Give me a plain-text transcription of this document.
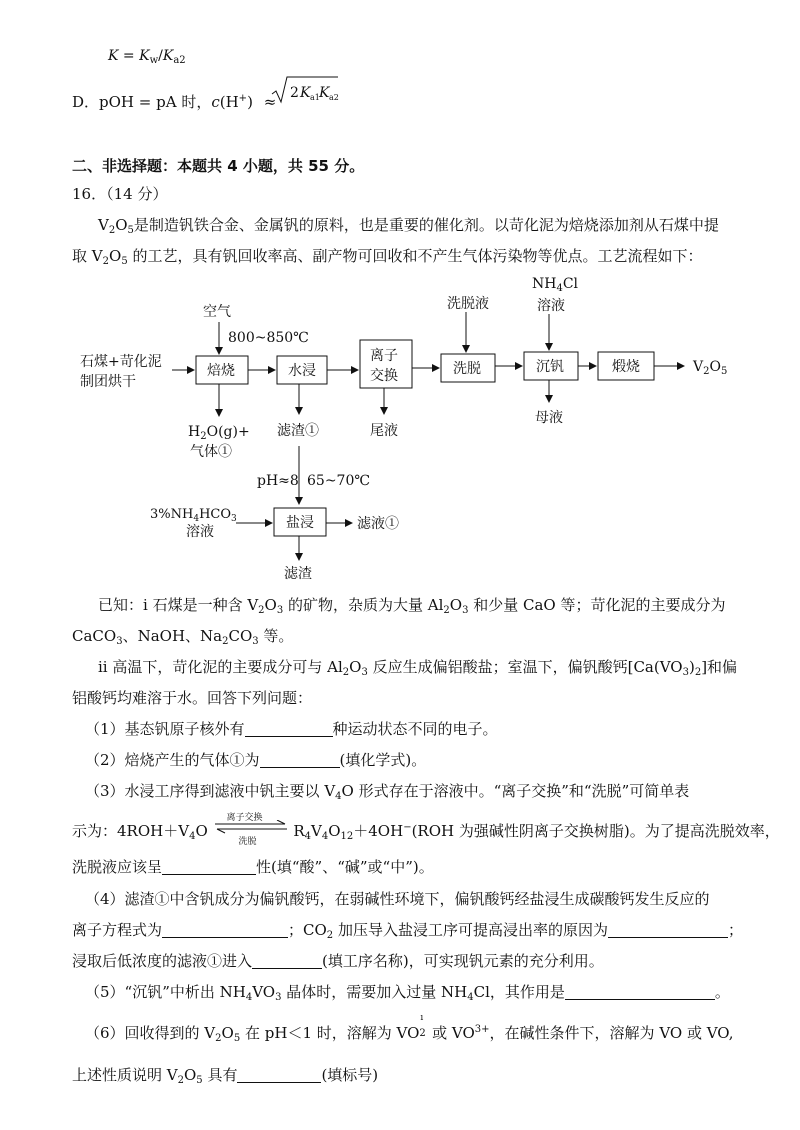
$K = K_w/K_{a2}$
D．pOH = pA 时，c(H+) ≈ 2 K a1 K a2
二、非选择题：本题共 4 小题，共 55 分。
16．（14 分）
$V_2O_5$是制造钒铁合金、金属钒的原料，也是重要的催化剂。以苛化泥为焙烧添加剂从石煤中提
取 $V_2O_5$ 的工艺，具有钒回收率高、副产物可回收和不产生气体污染物等优点。工艺流程如下：
空气
800~850℃
洗脱液
$NH_4Cl$
溶液
石煤+苛化泥
制团烘干
焙烧	水浸
离子
交换	洗脱	沉钒	煅烧	$V_2O_5$
$H_2O(g)+$
气体①
滤渣①	尾液
母液
pH≈8 65~70℃
$3\%NH_4HCO_3$
溶液
盐浸	滤液①
滤渣
已知：i 石煤是一种含 $V_2O_3$ 的矿物，杂质为大量 $Al_2O_3$ 和少量 CaO 等；苛化泥的主要成分为
CaCO$_3$、NaOH、$Na_2CO_3$ 等。
ii 高温下，苛化泥的主要成分可与 $Al_2O_3$ 反应生成偏铝酸盐；室温下，偏钒酸钙$[Ca(VO_3)_2]$和偏
铝酸钙均难溶于水。回答下列问题：
（1）基态钒原子核外有	种运动状态不同的电子。
（2）焙烧产生的气体①为	(填化学式)。
（3）水浸工序得到滤液中钒主要以 $V_4O$ 形式存在于溶液中。“离子交换”和“洗脱”可简单表
示为：$4ROH+V_4O$
离子交换
洗脱
$R_4V_4O_{12}+4OH^-(ROH$ 为强碱性阴离子交换树脂)。为了提高洗脱效率，
洗脱液应该呈	性(填“酸”、“碱”或“中”)。
（4）滤渣①中含钒成分为偏钒酸钙，在弱碱性环境下，偏钒酸钙经盐浸生成碳酸钙发生反应的
离子方程式为	；$CO_2$ 加压导入盐浸工序可提高浸出率的原因为	；
浸取后低浓度的滤液①进入	(填工序名称)，可实现钒元素的充分利用。
（5）“沉钒”中析出 $NH_4VO_3$ 晶体时，需要加入过量 $NH_4Cl$，其作用是	。
（6）回收得到的 $V_2O_5$ 在 pH＜1 时，溶解为 VO
ı
2 或 $VO^{3+}$，在碱性条件下，溶解为 VO 或 VO,
上述性质说明 $V_2O_5$ 具有	(填标号)
